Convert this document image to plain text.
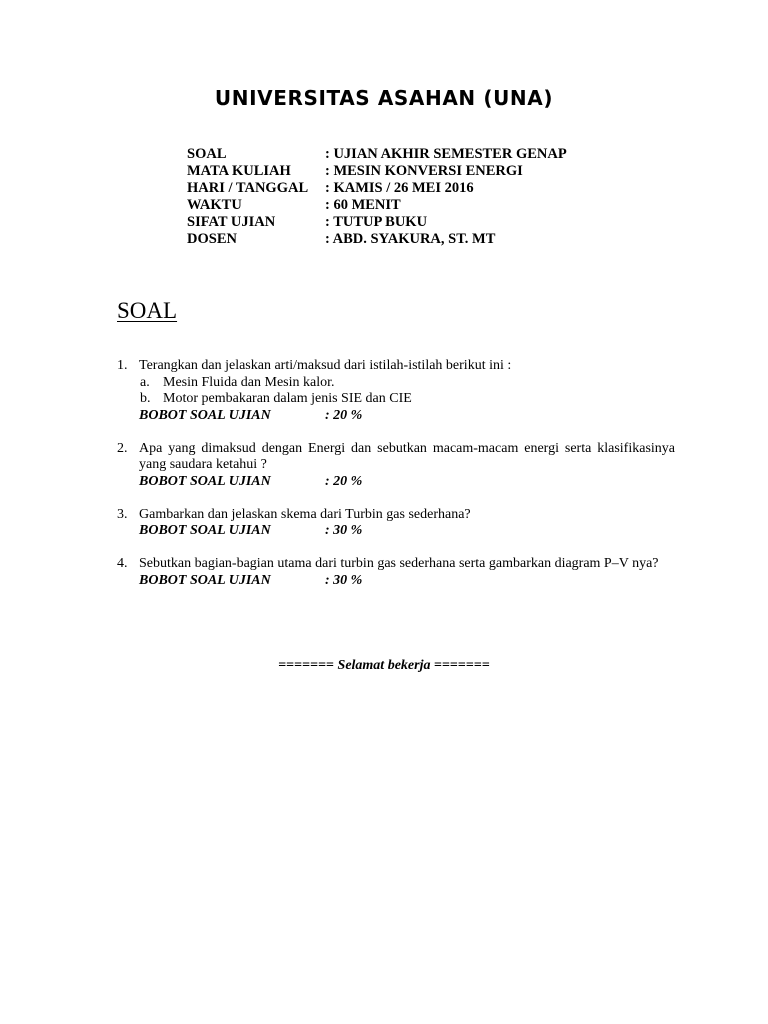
UNIVERSITAS ASAHAN (UNA)
SOAL	: UJIAN AKHIR SEMESTER GENAP
MATA KULIAH	: MESIN KONVERSI ENERGI
HARI / TANGGAL	: KAMIS / 26 MEI 2016
WAKTU	: 60 MENIT
SIFAT UJIAN	: TUTUP BUKU
DOSEN	: ABD. SYAKURA, ST. MT
SOAL
1. Terangkan dan jelaskan arti/maksud dari istilah-istilah berikut ini :
a. Mesin Fluida dan Mesin kalor.
b. Motor pembakaran dalam jenis SIE dan CIE
BOBOT SOAL UJIAN	: 20 %
2. Apa yang dimaksud dengan Energi dan sebutkan macam-macam energi serta klasifikasinya yang saudara ketahui ?
BOBOT SOAL UJIAN	: 20 %
3. Gambarkan dan jelaskan skema dari Turbin gas sederhana?
BOBOT SOAL UJIAN	: 30 %
4. Sebutkan bagian-bagian utama dari turbin gas sederhana serta gambarkan diagram P–V nya?
BOBOT SOAL UJIAN	: 30 %
======= Selamat bekerja =======
